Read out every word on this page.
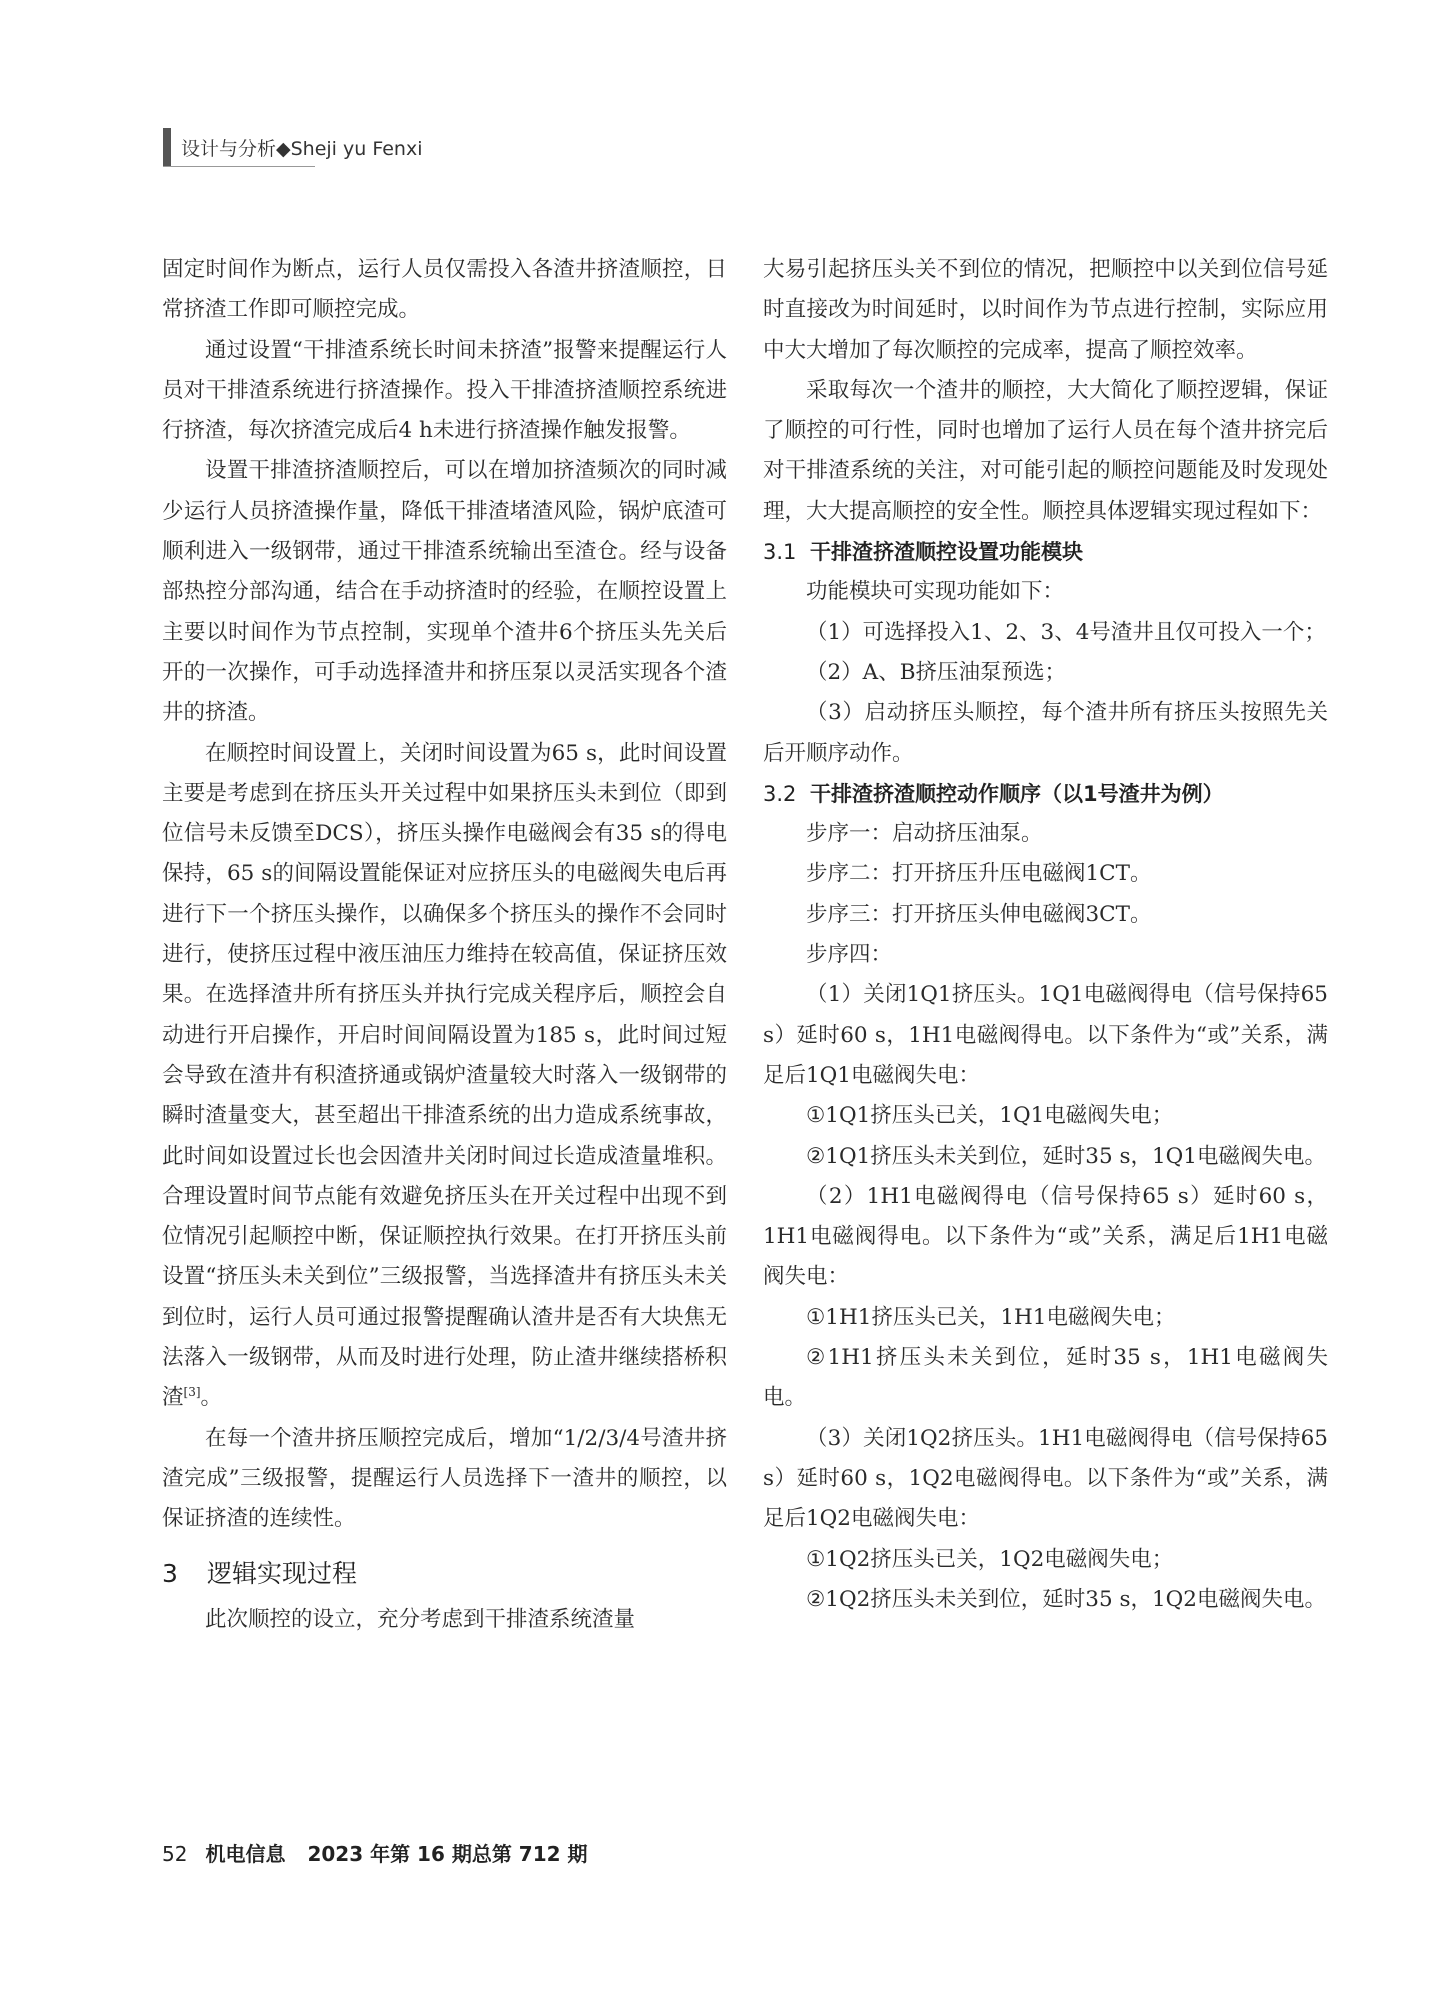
设计与分析◆Sheji yu Fenxi

固定时间作为断点，运行人员仅需投入各渣井挤渣顺控，日常挤渣工作即可顺控完成。

通过设置“干排渣系统长时间未挤渣”报警来提醒运行人员对干排渣系统进行挤渣操作。投入干排渣挤渣顺控系统进行挤渣，每次挤渣完成后4 h未进行挤渣操作触发报警。

设置干排渣挤渣顺控后，可以在增加挤渣频次的同时减少运行人员挤渣操作量，降低干排渣堵渣风险，锅炉底渣可顺利进入一级钢带，通过干排渣系统输出至渣仓。经与设备部热控分部沟通，结合在手动挤渣时的经验，在顺控设置上主要以时间作为节点控制，实现单个渣井6个挤压头先关后开的一次操作，可手动选择渣井和挤压泵以灵活实现各个渣井的挤渣。

在顺控时间设置上，关闭时间设置为65 s，此时间设置主要是考虑到在挤压头开关过程中如果挤压头未到位（即到位信号未反馈至DCS），挤压头操作电磁阀会有35 s的得电保持，65 s的间隔设置能保证对应挤压头的电磁阀失电后再进行下一个挤压头操作，以确保多个挤压头的操作不会同时进行，使挤压过程中液压油压力维持在较高值，保证挤压效果。在选择渣井所有挤压头并执行完成关程序后，顺控会自动进行开启操作，开启时间间隔设置为185 s，此时间过短会导致在渣井有积渣挤通或锅炉渣量较大时落入一级钢带的瞬时渣量变大，甚至超出干排渣系统的出力造成系统事故，此时间如设置过长也会因渣井关闭时间过长造成渣量堆积。合理设置时间节点能有效避免挤压头在开关过程中出现不到位情况引起顺控中断，保证顺控执行效果。在打开挤压头前设置“挤压头未关到位”三级报警，当选择渣井有挤压头未关到位时，运行人员可通过报警提醒确认渣井是否有大块焦无法落入一级钢带，从而及时进行处理，防止渣井继续搭桥积渣[3]。

在每一个渣井挤压顺控完成后，增加“1/2/3/4号渣井挤渣完成”三级报警，提醒运行人员选择下一渣井的顺控，以保证挤渣的连续性。

3 逻辑实现过程

此次顺控的设立，充分考虑到干排渣系统渣量

大易引起挤压头关不到位的情况，把顺控中以关到位信号延时直接改为时间延时，以时间作为节点进行控制，实际应用中大大增加了每次顺控的完成率，提高了顺控效率。

采取每次一个渣井的顺控，大大简化了顺控逻辑，保证了顺控的可行性，同时也增加了运行人员在每个渣井挤完后对干排渣系统的关注，对可能引起的顺控问题能及时发现处理，大大提高顺控的安全性。顺控具体逻辑实现过程如下：

3.1 干排渣挤渣顺控设置功能模块

功能模块可实现功能如下：

（1）可选择投入1、2、3、4号渣井且仅可投入一个；

（2）A、B挤压油泵预选；

（3）启动挤压头顺控，每个渣井所有挤压头按照先关后开顺序动作。

3.2 干排渣挤渣顺控动作顺序（以1号渣井为例）

步序一：启动挤压油泵。

步序二：打开挤压升压电磁阀1CT。

步序三：打开挤压头伸电磁阀3CT。

步序四：

（1）关闭1Q1挤压头。1Q1电磁阀得电（信号保持65 s）延时60 s，1H1电磁阀得电。以下条件为“或”关系，满足后1Q1电磁阀失电：

①1Q1挤压头已关，1Q1电磁阀失电；

②1Q1挤压头未关到位，延时35 s，1Q1电磁阀失电。

（2）1H1电磁阀得电（信号保持65 s）延时60 s，1H1电磁阀得电。以下条件为“或”关系，满足后1H1电磁阀失电：

①1H1挤压头已关，1H1电磁阀失电；

②1H1挤压头未关到位，延时35 s，1H1电磁阀失电。

（3）关闭1Q2挤压头。1H1电磁阀得电（信号保持65 s）延时60 s，1Q2电磁阀得电。以下条件为“或”关系，满足后1Q2电磁阀失电：

①1Q2挤压头已关，1Q2电磁阀失电；

②1Q2挤压头未关到位，延时35 s，1Q2电磁阀失电。

52 机电信息 2023 年第 16 期总第 712 期
